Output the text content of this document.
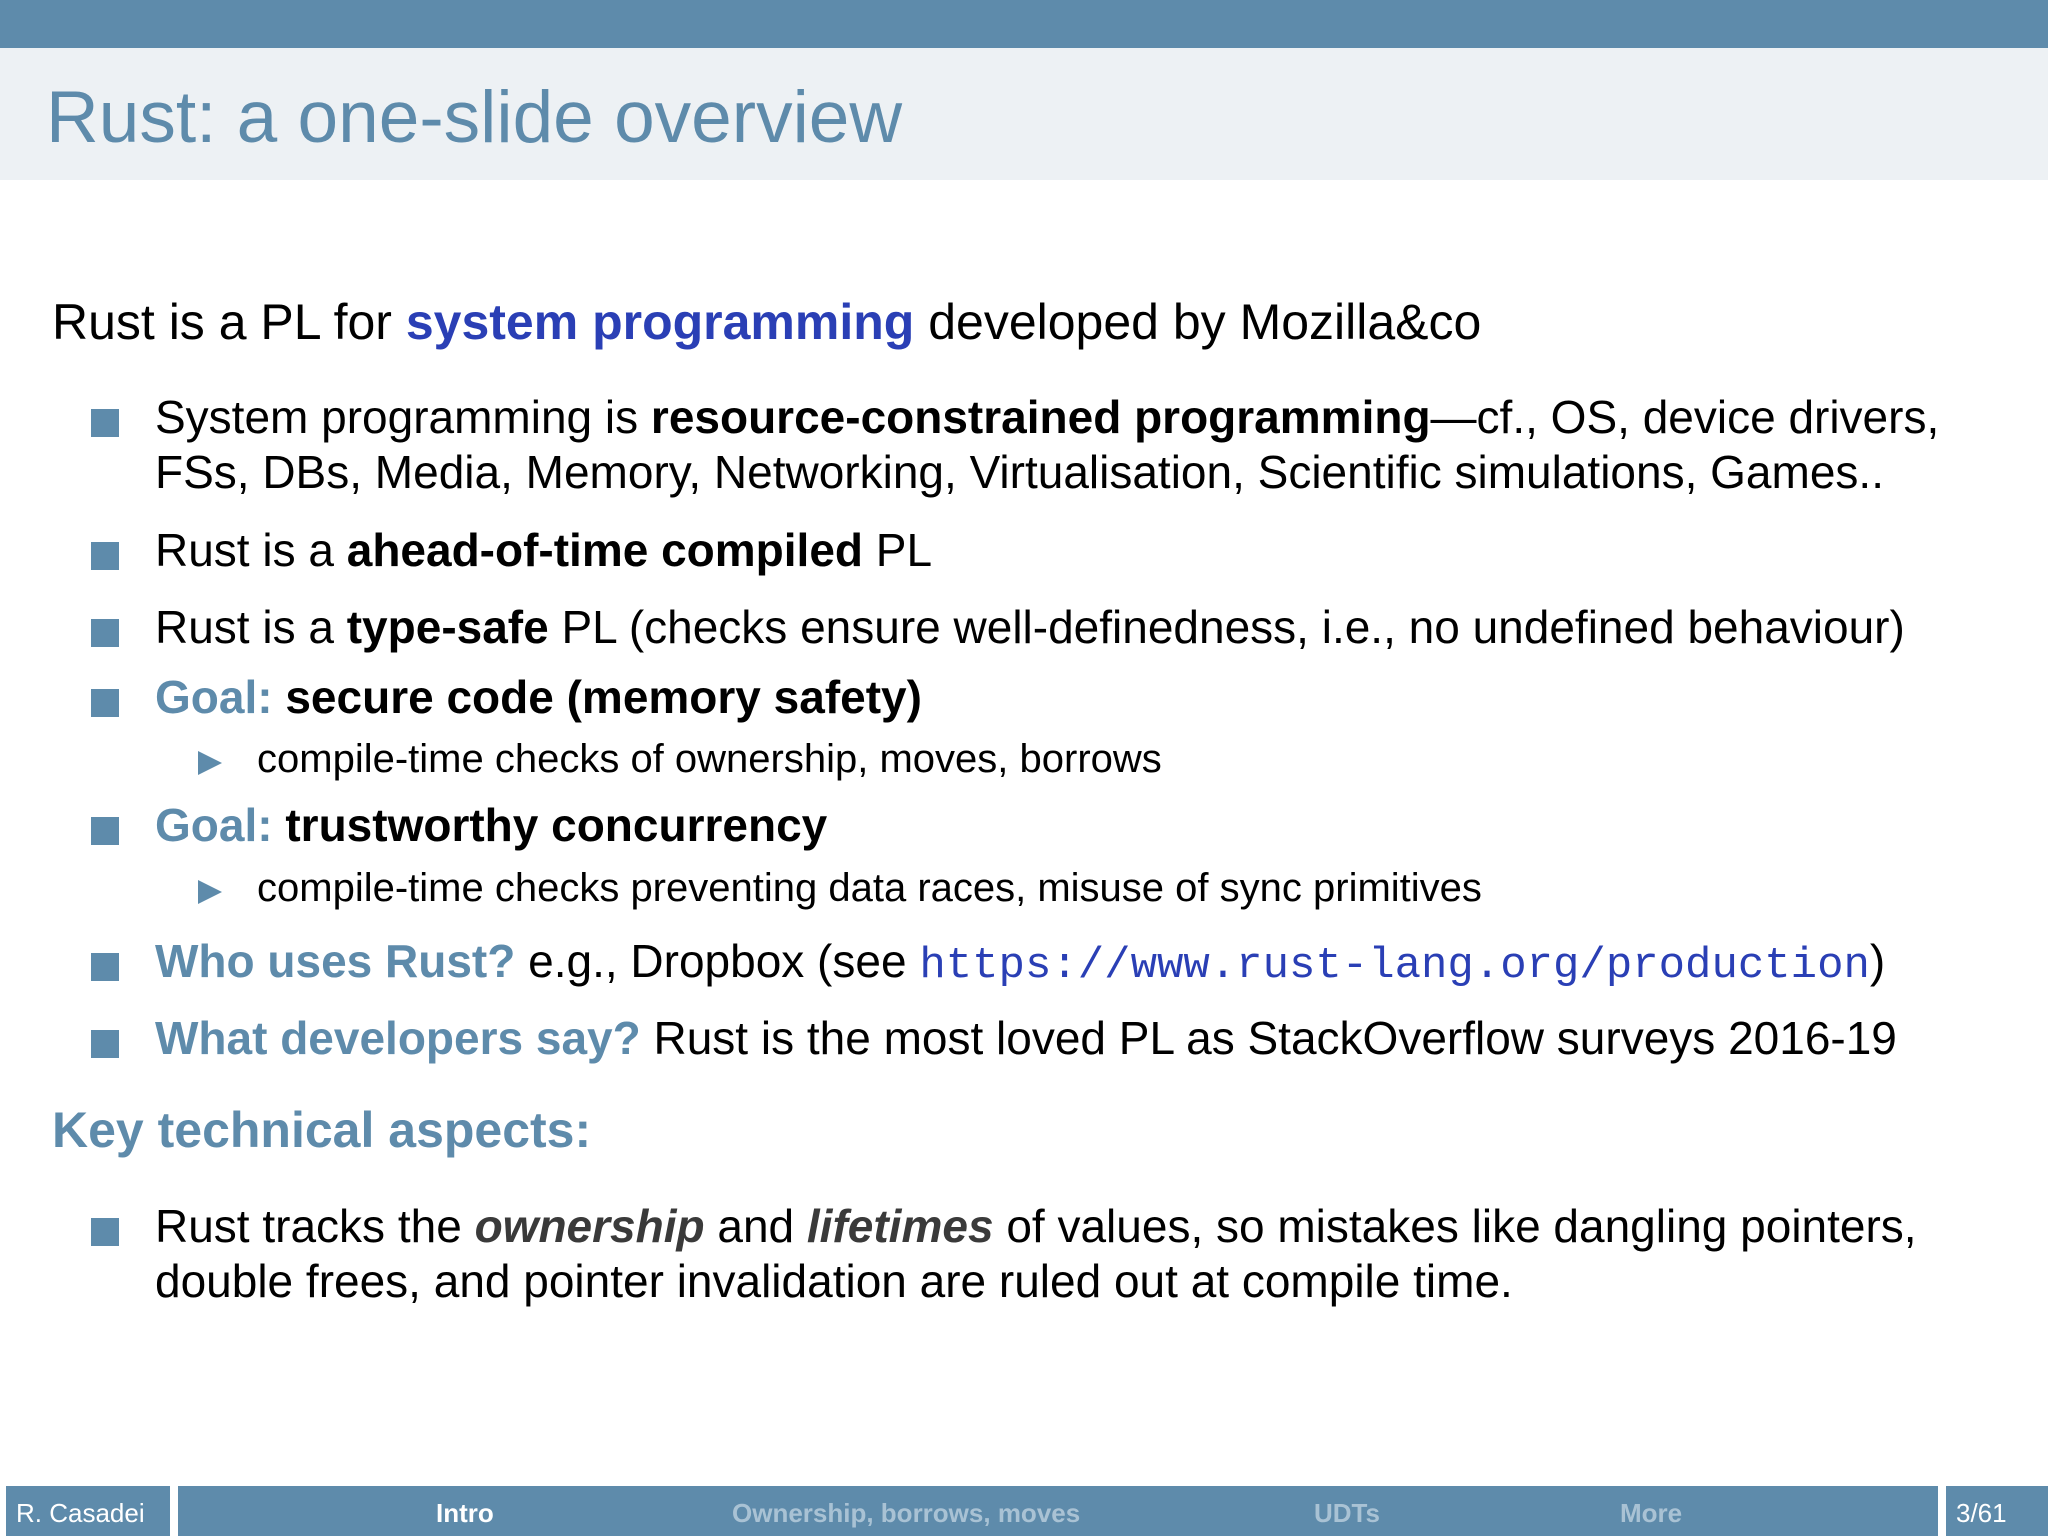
Rust: a one-slide overview
Rust is a PL for system programming developed by Mozilla&co
System programming is resource-constrained programming—cf., OS, device drivers,
FSs, DBs, Media, Memory, Networking, Virtualisation, Scientific simulations, Games..
Rust is a ahead-of-time compiled PL
Rust is a type-safe PL (checks ensure well-definedness, i.e., no undefined behaviour)
Goal: secure code (memory safety)
compile-time checks of ownership, moves, borrows
Goal: trustworthy concurrency
compile-time checks preventing data races, misuse of sync primitives
Who uses Rust? e.g., Dropbox (see https://www.rust-lang.org/production)
What developers say? Rust is the most loved PL as StackOverflow surveys 2016-19
Key technical aspects:
Rust tracks the ownership and lifetimes of values, so mistakes like dangling pointers,
double frees, and pointer invalidation are ruled out at compile time.
R. Casadei	Intro	Ownership, borrows, moves	UDTs	More	3/61
